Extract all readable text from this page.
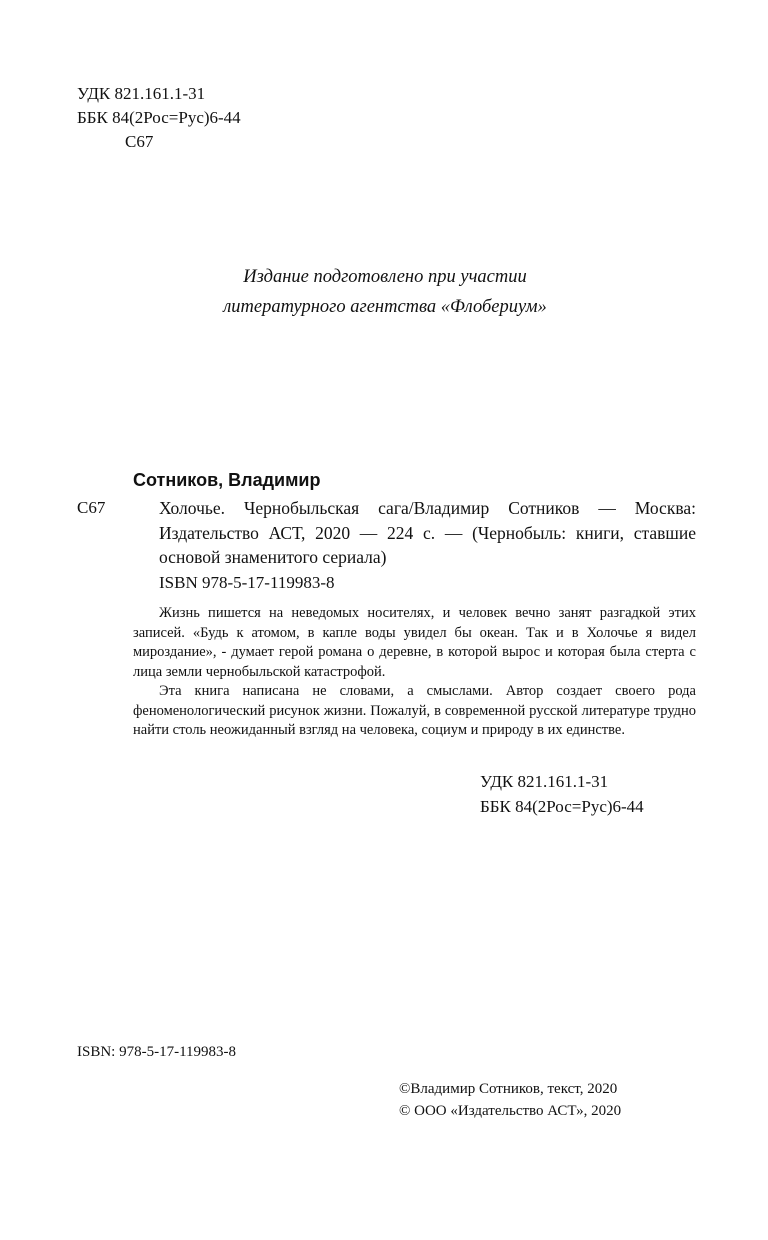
УДК 821.161.1-31
ББК 84(2Рос=Рус)6-44
С67
Издание подготовлено при участии
литературного агентства «Флобериум»
Сотников, Владимир
С67	Холочье. Чернобыльская сага/Владимир Сотников — Москва: Издательство АСТ, 2020 — 224 с. — (Чернобыль: книги, ставшие основой знаменитого сериала)
ISBN 978-5-17-119983-8

Жизнь пишется на неведомых носителях, и человек вечно занят разгадкой этих записей. «Будь к атомом, в капле воды увидел бы океан. Так и в Холочье я видел мироздание», - думает герой романа о деревне, в которой вырос и которая была стерта с лица земли чернобыльской катастрофой.

Эта книга написана не словами, а смыслами. Автор создает своего рода феноменологический рисунок жизни. Пожалуй, в современной русской литературе трудно найти столь неожиданный взгляд на человека, социум и природу в их единстве.

УДК 821.161.1-31
ББК 84(2Рос=Рус)6-44
ISBN: 978-5-17-119983-8
©Владимир Сотников, текст, 2020
© ООО «Издательство АСТ», 2020
